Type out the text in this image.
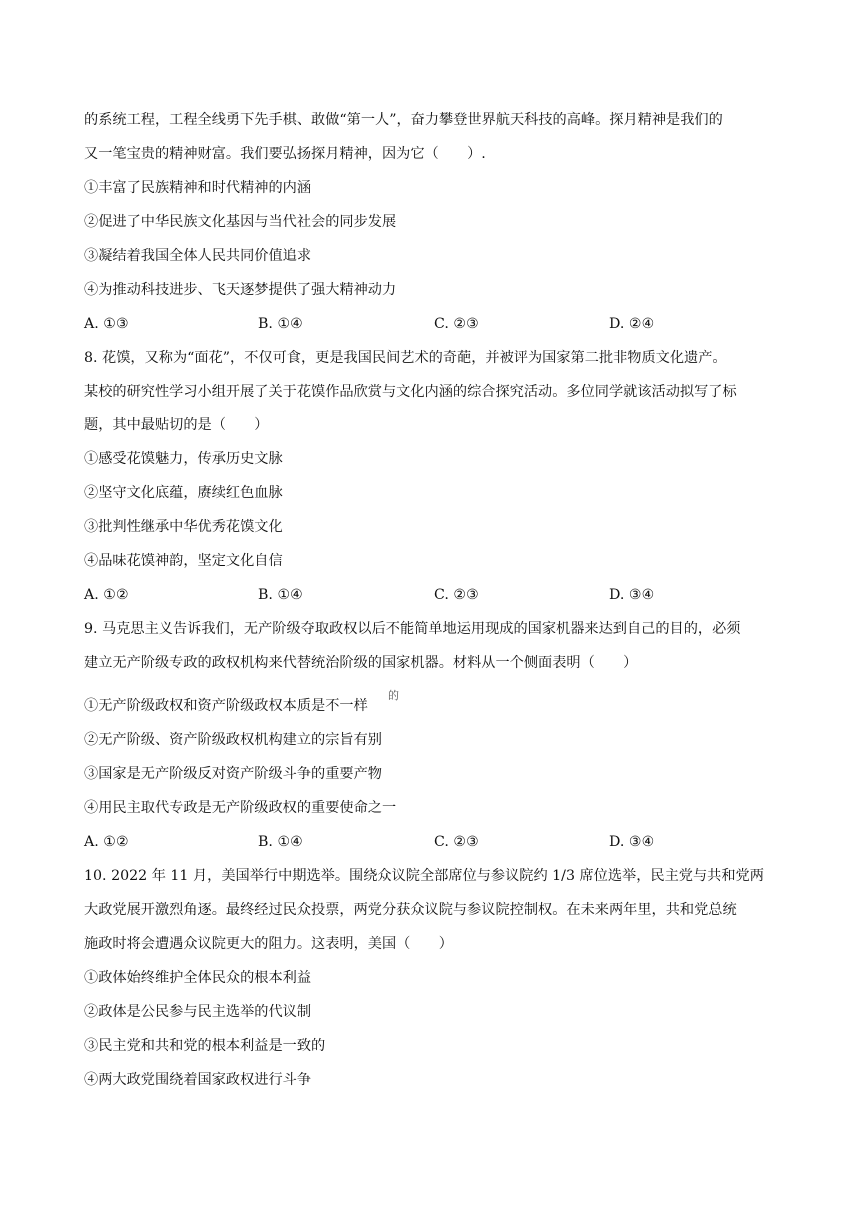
的系统工程，工程全线勇下先手棋、敢做“第一人”，奋力攀登世界航天科技的高峰。探月精神是我们的
又一笔宝贵的精神财富。我们要弘扬探月精神，因为它（　　）.
①丰富了民族精神和时代精神的内涵
②促进了中华民族文化基因与当代社会的同步发展
③凝结着我国全体人民共同价值追求
④为推动科技进步、飞天逐梦提供了强大精神动力
A. ①③	B. ①④	C. ②③	D. ②④
8. 花馍，又称为“面花”，不仅可食，更是我国民间艺术的奇葩，并被评为国家第二批非物质文化遗产。
某校的研究性学习小组开展了关于花馍作品欣赏与文化内涵的综合探究活动。多位同学就该活动拟写了标
题，其中最贴切的是（　　）
①感受花馍魅力，传承历史文脉
②坚守文化底蕴，赓续红色血脉
③批判性继承中华优秀花馍文化
④品味花馍神韵，坚定文化自信
A. ①②	B. ①④	C. ②③	D. ③④
9. 马克思主义告诉我们，无产阶级夺取政权以后不能简单地运用现成的国家机器来达到自己的目的，必须
建立无产阶级专政的政权机构来代替统治阶级的国家机器。材料从一个侧面表明（　　）
①无产阶级政权和资产阶级政权本质是不一样
的
②无产阶级、资产阶级政权机构建立的宗旨有别
③国家是无产阶级反对资产阶级斗争的重要产物
④用民主取代专政是无产阶级政权的重要使命之一
A. ①②	B. ①④	C. ②③	D. ③④
10. 2022 年 11 月，美国举行中期选举。围绕众议院全部席位与参议院约 1/3 席位选举，民主党与共和党两
大政党展开激烈角逐。最终经过民众投票，两党分获众议院与参议院控制权。在未来两年里，共和党总统
施政时将会遭遇众议院更大的阻力。这表明，美国（　　）
①政体始终维护全体民众的根本利益
②政体是公民参与民主选举的代议制
③民主党和共和党的根本利益是一致的
④两大政党围绕着国家政权进行斗争
